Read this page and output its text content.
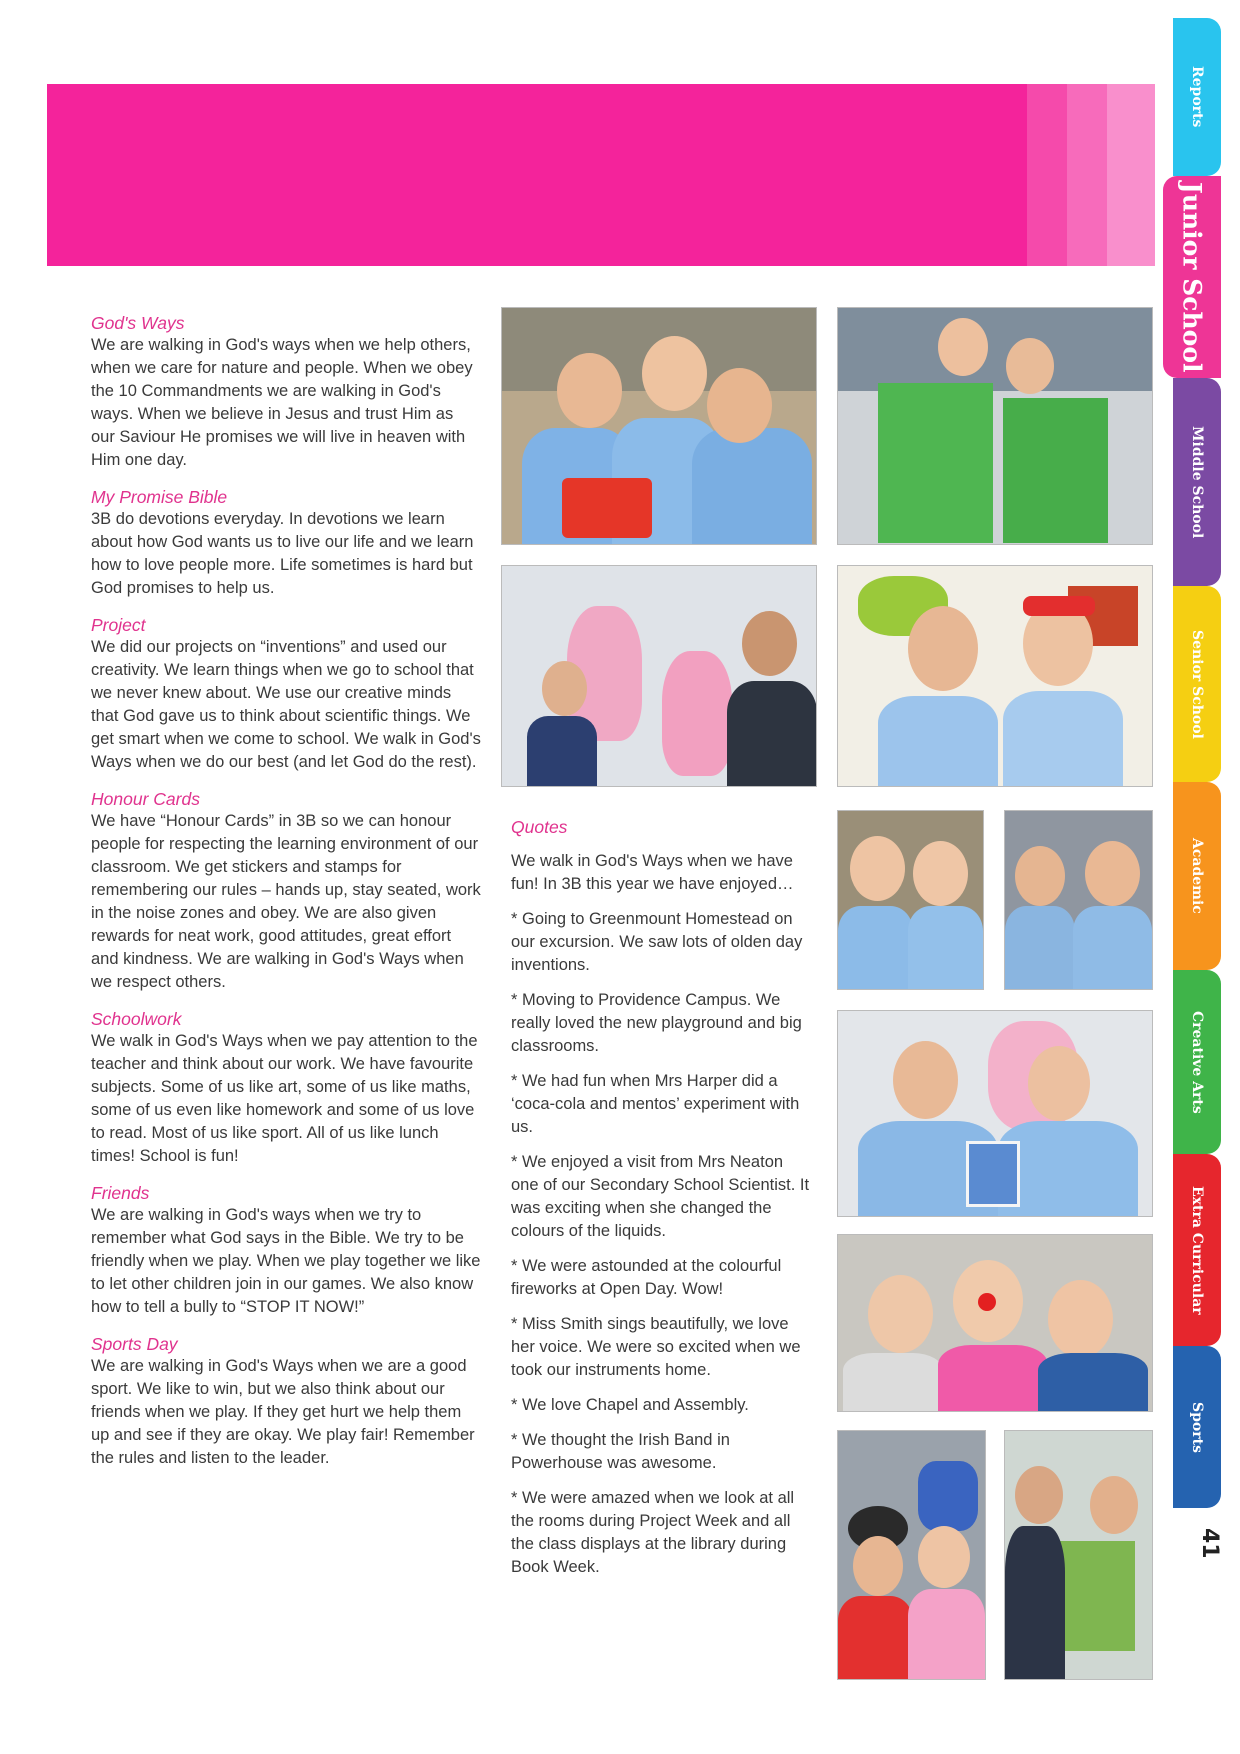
Reports
Junior School
Middle School
Senior School
Academic
Creative Arts
Extra Curricular
Sports
41
God's Ways
We are walking in God's ways when we help others, when we care for nature and people. When we obey the 10 Commandments we are walking in God's ways. When we believe in Jesus and trust Him as our Saviour He promises we will live in heaven with Him one day.
My Promise Bible
3B do devotions everyday. In devotions we learn about how God wants us to live our life and we learn how to love people more. Life sometimes is hard but God promises to help us.
Project
We did our projects on “inventions” and used our creativity. We learn things when we go to school that we never knew about. We use our creative minds that God gave us to think about scientific things. We get smart when we come to school. We walk in God's Ways when we do our best (and let God do the rest).
Honour Cards
We have “Honour Cards” in 3B so we can honour people for respecting the learning environment of our classroom. We get stickers and stamps for remembering our rules – hands up, stay seated, work in the noise zones and obey. We are also given rewards for neat work, good attitudes, great effort and kindness. We are walking in God's Ways when we respect others.
Schoolwork
We walk in God's Ways when we pay attention to the teacher and think about our work. We have favourite subjects. Some of us like art, some of us like maths, some of us even like homework and some of us love to read. Most of us like sport. All of us like lunch times! School is fun!
Friends
We are walking in God's ways when we try to remember what God says in the Bible. We try to be friendly when we play. When we play together we like to let other children join in our games. We also know how to tell a bully to “STOP IT NOW!”
Sports Day
We are walking in God's Ways when we are a good sport. We like to win, but we also think about our friends when we play. If they get hurt we help them up and see if they are okay. We play fair! Remember the rules and listen to the leader.
Quotes
We walk in God's Ways when we have fun! In 3B this year we have enjoyed…
* Going to Greenmount Homestead on our excursion. We saw lots of olden day inventions.
* Moving to Providence Campus. We really loved the new playground and big classrooms.
* We had fun when Mrs Harper did a ‘coca-cola and mentos’ experiment with us.
* We enjoyed a visit from Mrs Neaton one of our Secondary School Scientist. It was exciting when she changed the colours of the liquids.
* We were astounded at the colourful fireworks at Open Day. Wow!
* Miss Smith sings beautifully, we love her voice. We were so excited when we took our instruments home.
* We love Chapel and Assembly.
* We thought the Irish Band in Powerhouse was awesome.
* We were amazed when we look at all the rooms during Project Week and all the class displays at the library during Book Week.
